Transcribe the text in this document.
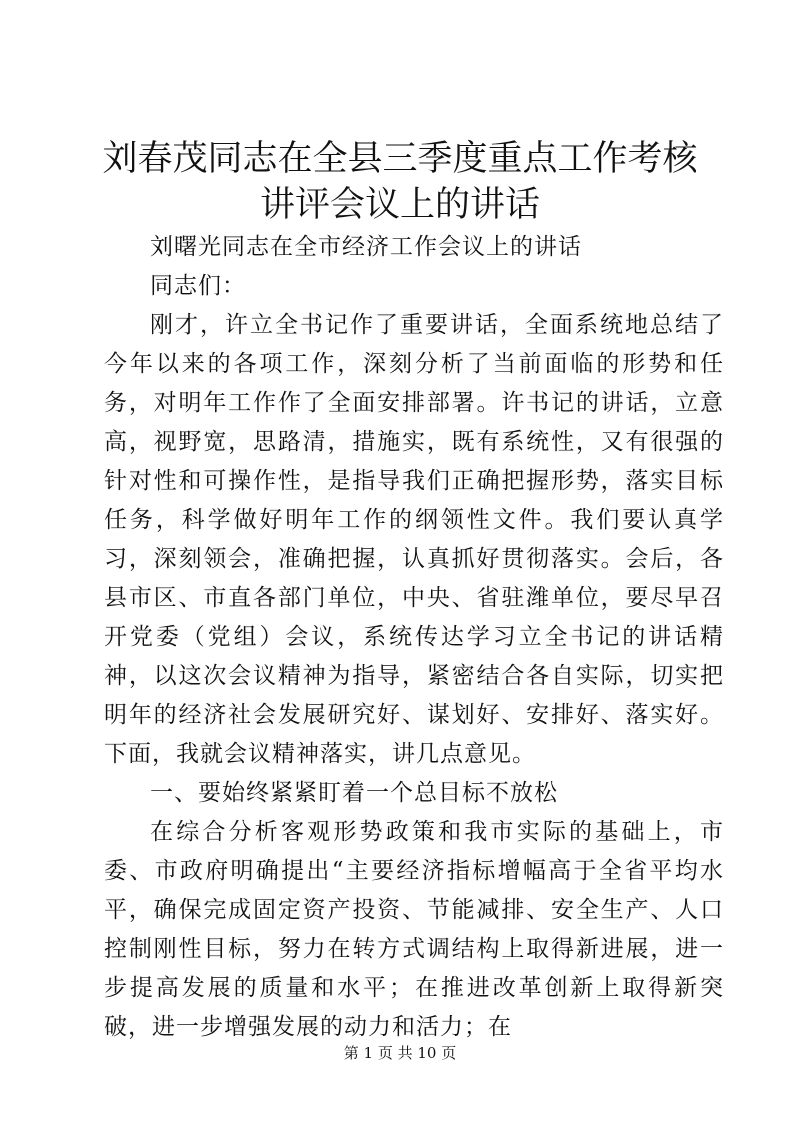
刘春茂同志在全县三季度重点工作考核讲评会议上的讲话

刘曙光同志在全市经济工作会议上的讲话

同志们：

刚才，许立全书记作了重要讲话，全面系统地总结了今年以来的各项工作，深刻分析了当前面临的形势和任务，对明年工作作了全面安排部署。许书记的讲话，立意高，视野宽，思路清，措施实，既有系统性，又有很强的针对性和可操作性，是指导我们正确把握形势，落实目标任务，科学做好明年工作的纲领性文件。我们要认真学习，深刻领会，准确把握，认真抓好贯彻落实。会后，各县市区、市直各部门单位，中央、省驻潍单位，要尽早召开党委（党组）会议，系统传达学习立全书记的讲话精神，以这次会议精神为指导，紧密结合各自实际，切实把明年的经济社会发展研究好、谋划好、安排好、落实好。下面，我就会议精神落实，讲几点意见。

一、要始终紧紧盯着一个总目标不放松

在综合分析客观形势政策和我市实际的基础上，市委、市政府明确提出“主要经济指标增幅高于全省平均水平，确保完成固定资产投资、节能减排、安全生产、人口控制刚性目标，努力在转方式调结构上取得新进展，进一步提高发展的质量和水平；在推进改革创新上取得新突破，进一步增强发展的动力和活力；在

第 1 页 共 10 页
